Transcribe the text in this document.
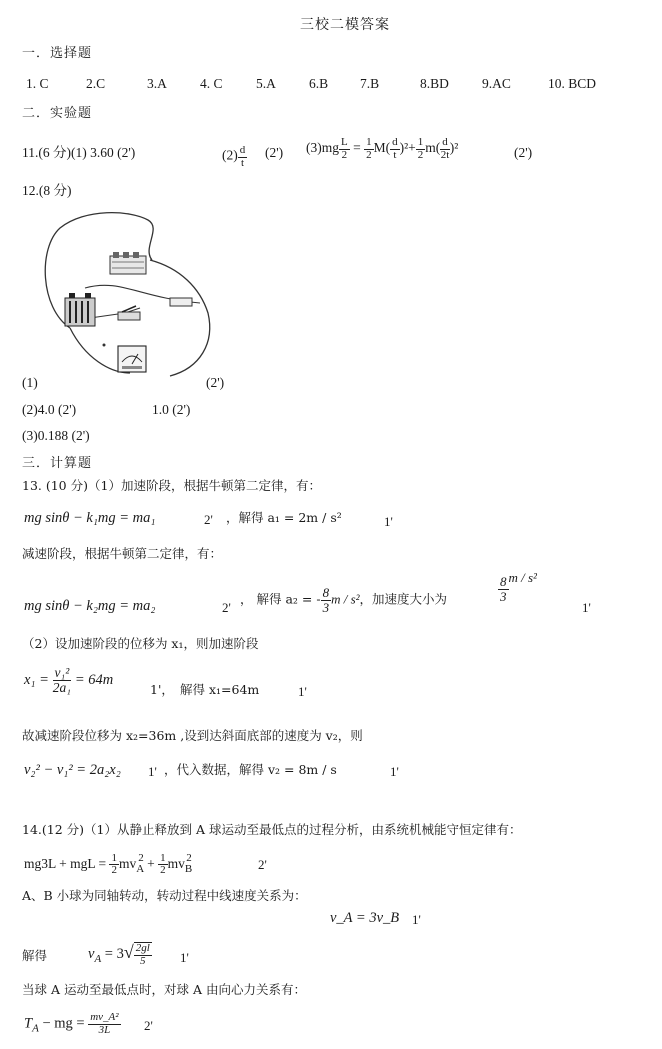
三校二模答案
一．选择题
1. C	2.C	3.A 4. C 5.A 6.B 7.B	8.BD 9.AC	10. BCD
二．实验题
11.(6 分)(1) 3.60 (2')	$(2) \frac{d}{t} (2')$ $(3)mg \frac{L}{2} = \frac{1}{2} M( \frac{d}{t} )^2+ \frac{1}{2} m( \frac{d}{2t} )^2$	(2')
12.(8 分)
(1)	(2')
(2)4.0 (2')	1.0 (2')
(3)0.188 (2')
三．计算题
13. (10 分)（1）加速阶段，根据牛顿第二定律，有：
mg sinθ − k₁mg = ma₁	2' ，解得 a₁ = 2m / s²	1'
减速阶段，根据牛顿第二定律，有：
mg sinθ − k₂mg = ma₂	2'
， 解得 a₂ = - $\frac{8}{3}$ m / s²，加速度大小为	$\frac{8}{3}$ m / s²
1'
（2）设加速阶段的位移为 x₁，则加速阶段
$x_1 = \frac{\text{v₁²}}{\text{2a₁}} = 64m$
1'， 解得 x₁=64m	1'
故减速阶段位移为 x₂=36m ,设到达斜面底部的速度为 v₂，则
v₂² − v₁² = 2a₂x₂ 1' ，代入数据，解得 v₂ = 8m / s	1'
14.(12 分)（1）从静止释放到 A 球运动至最低点的过程分析，由系统机械能守恒定律有：
mg3L + mgL = $\frac{1}{2} mv_A^2 + \frac{1}{2} mv_B^2$	2'
A、B 小球为同轴转动，转动过程中线速度关系为：
v_A = 3v_B 1'
解得	$v_A = 3√ \frac{2gl}{5} 1'$
当球 A 运动至最低点时，对球 A 由向心力关系有：
$T_A$ − mg = $\frac{\text{mv\_A²}}{3L} 2'$
